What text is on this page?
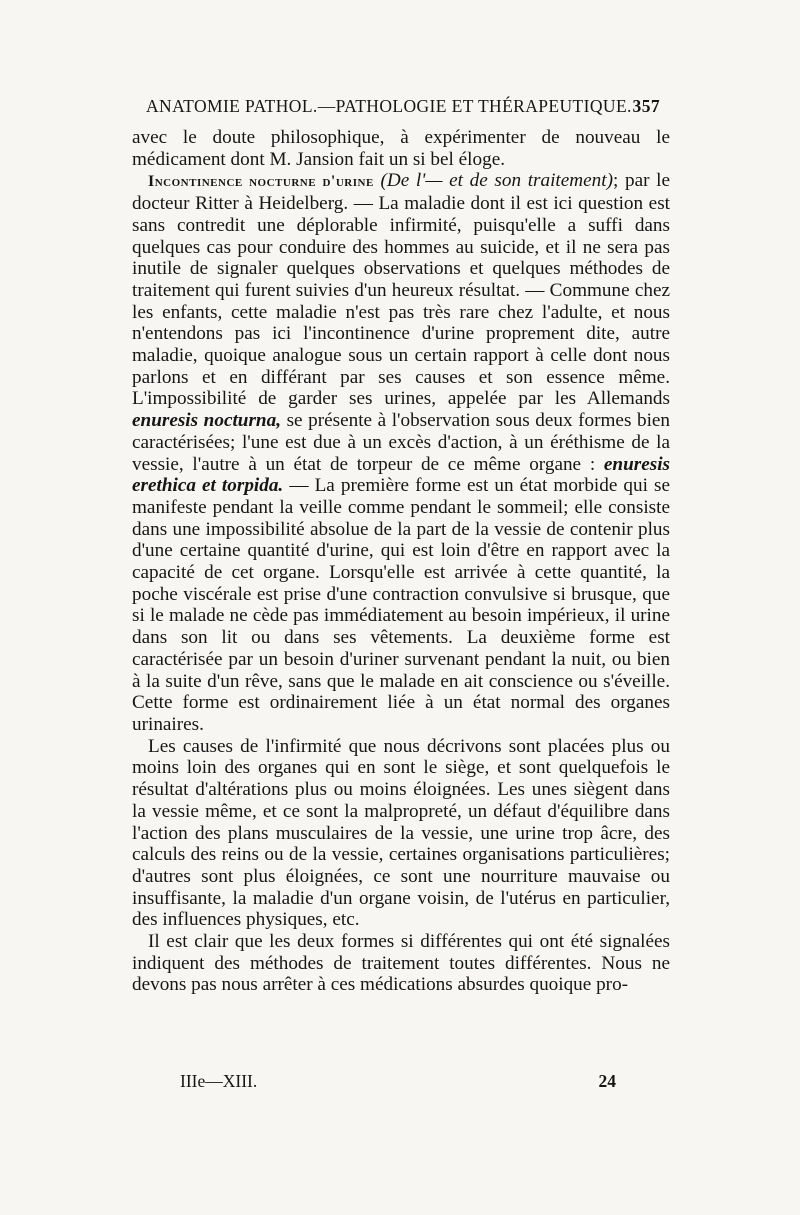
ANATOMIE PATHOL.—PATHOLOGIE ET THÉRAPEUTIQUE. 357

avec le doute philosophique, à expérimenter de nouveau le médicament dont M. Jansion fait un si bel éloge.

Incontinence nocturne d'urine (De l'— et de son traitement); par le docteur Ritter à Heidelberg. — La maladie dont il est ici question est sans contredit une déplorable infirmité, puisqu'elle a suffi dans quelques cas pour conduire des hommes au suicide, et il ne sera pas inutile de signaler quelques observations et quelques méthodes de traitement qui furent suivies d'un heureux résultat. — Commune chez les enfants, cette maladie n'est pas très rare chez l'adulte, et nous n'entendons pas ici l'incontinence d'urine proprement dite, autre maladie, quoique analogue sous un certain rapport à celle dont nous parlons et en différant par ses causes et son essence même. L'impossibilité de garder ses urines, appelée par les Allemands enuresis nocturna, se présente à l'observation sous deux formes bien caractérisées; l'une est due à un excès d'action, à un éréthisme de la vessie, l'autre à un état de torpeur de ce même organe : enuresis erethica et torpida. — La première forme est un état morbide qui se manifeste pendant la veille comme pendant le sommeil; elle consiste dans une impossibilité absolue de la part de la vessie de contenir plus d'une certaine quantité d'urine, qui est loin d'être en rapport avec la capacité de cet organe. Lorsqu'elle est arrivée à cette quantité, la poche viscérale est prise d'une contraction convulsive si brusque, que si le malade ne cède pas immédiatement au besoin impérieux, il urine dans son lit ou dans ses vêtements. La deuxième forme est caractérisée par un besoin d'uriner survenant pendant la nuit, ou bien à la suite d'un rêve, sans que le malade en ait conscience ou s'éveille. Cette forme est ordinairement liée à un état normal des organes urinaires.

Les causes de l'infirmité que nous décrivons sont placées plus ou moins loin des organes qui en sont le siège, et sont quelquefois le résultat d'altérations plus ou moins éloignées. Les unes siègent dans la vessie même, et ce sont la malpropreté, un défaut d'équilibre dans l'action des plans musculaires de la vessie, une urine trop âcre, des calculs des reins ou de la vessie, certaines organisations particulières; d'autres sont plus éloignées, ce sont une nourriture mauvaise ou insuffisante, la maladie d'un organe voisin, de l'utérus en particulier, des influences physiques, etc.

Il est clair que les deux formes si différentes qui ont été signalées indiquent des méthodes de traitement toutes différentes. Nous ne devons pas nous arrêter à ces médications absurdes quoique pro-

IIIe—XIII.	24
